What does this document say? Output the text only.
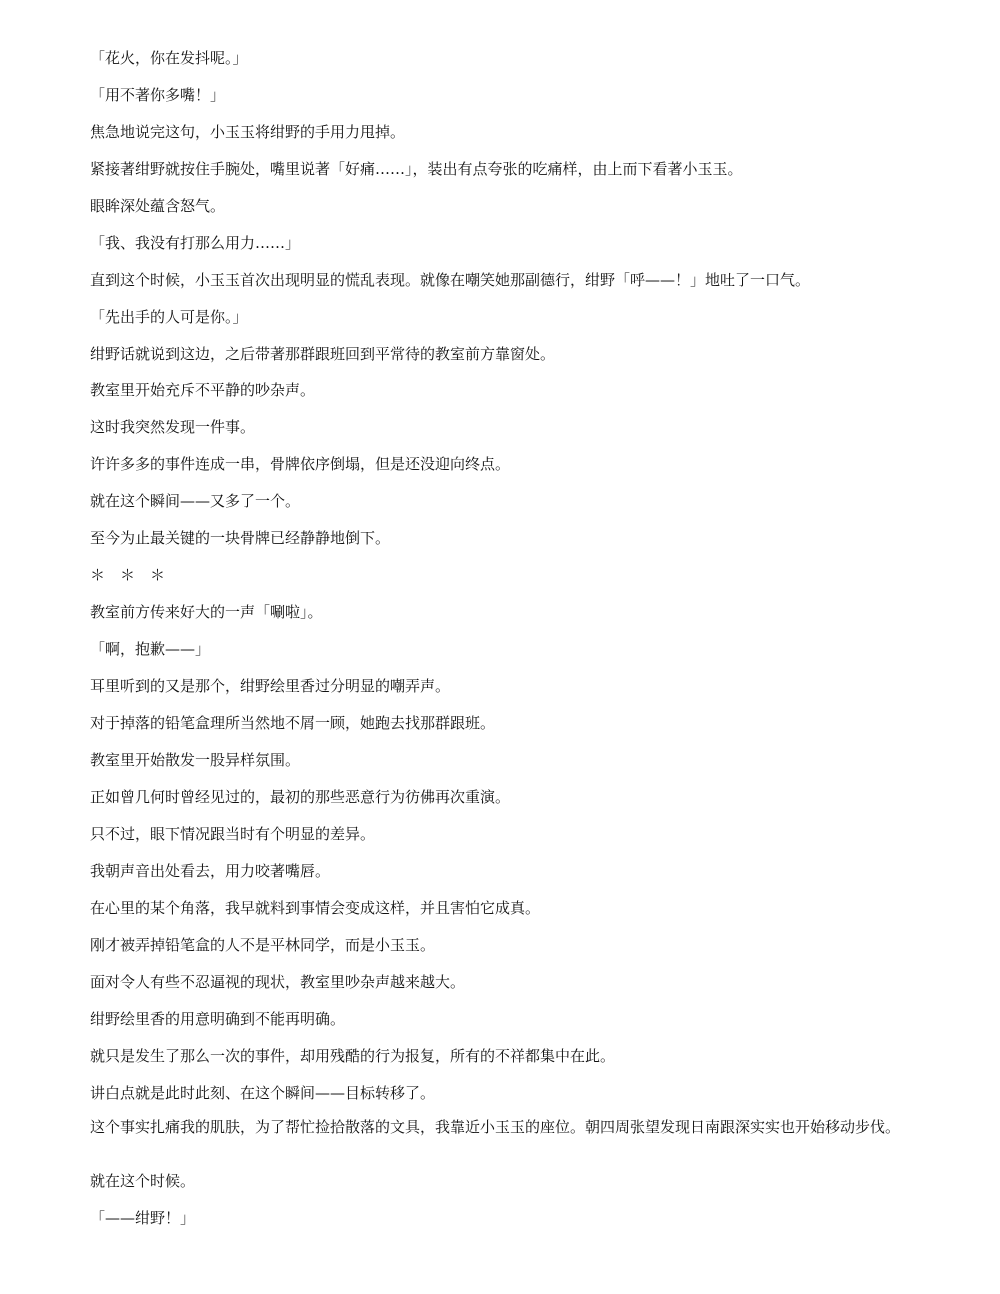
「花火，你在发抖呢。」

「用不著你多嘴！」

焦急地说完这句，小玉玉将绀野的手用力甩掉。

紧接著绀野就按住手腕处，嘴里说著「好痛……」，装出有点夸张的吃痛样，由上而下看著小玉玉。

眼眸深处蕴含怒气。

「我、我没有打那么用力……」

直到这个时候，小玉玉首次出现明显的慌乱表现。就像在嘲笑她那副德行，绀野「呼——！」地吐了一口气。

「先出手的人可是你。」

绀野话就说到这边，之后带著那群跟班回到平常待的教室前方靠窗处。

教室里开始充斥不平静的吵杂声。

这时我突然发现一件事。

许许多多的事件连成一串，骨牌依序倒塌，但是还没迎向终点。

就在这个瞬间——又多了一个。

至今为止最关键的一块骨牌已经静静地倒下。

＊　＊　＊

教室前方传来好大的一声「唰啦」。

「啊，抱歉——」

耳里听到的又是那个，绀野绘里香过分明显的嘲弄声。

对于掉落的铅笔盒理所当然地不屑一顾，她跑去找那群跟班。

教室里开始散发一股异样氛围。

正如曾几何时曾经见过的，最初的那些恶意行为彷佛再次重演。

只不过，眼下情况跟当时有个明显的差异。

我朝声音出处看去，用力咬著嘴唇。

在心里的某个角落，我早就料到事情会变成这样，并且害怕它成真。

刚才被弄掉铅笔盒的人不是平林同学，而是小玉玉。

面对令人有些不忍逼视的现状，教室里吵杂声越来越大。

绀野绘里香的用意明确到不能再明确。

就只是发生了那么一次的事件，却用残酷的行为报复，所有的不祥都集中在此。

讲白点就是此时此刻、在这个瞬间——目标转移了。

这个事实扎痛我的肌肤，为了帮忙捡拾散落的文具，我靠近小玉玉的座位。朝四周张望发现日南跟深实实也开始移动步伐。

就在这个时候。

「——绀野！」
